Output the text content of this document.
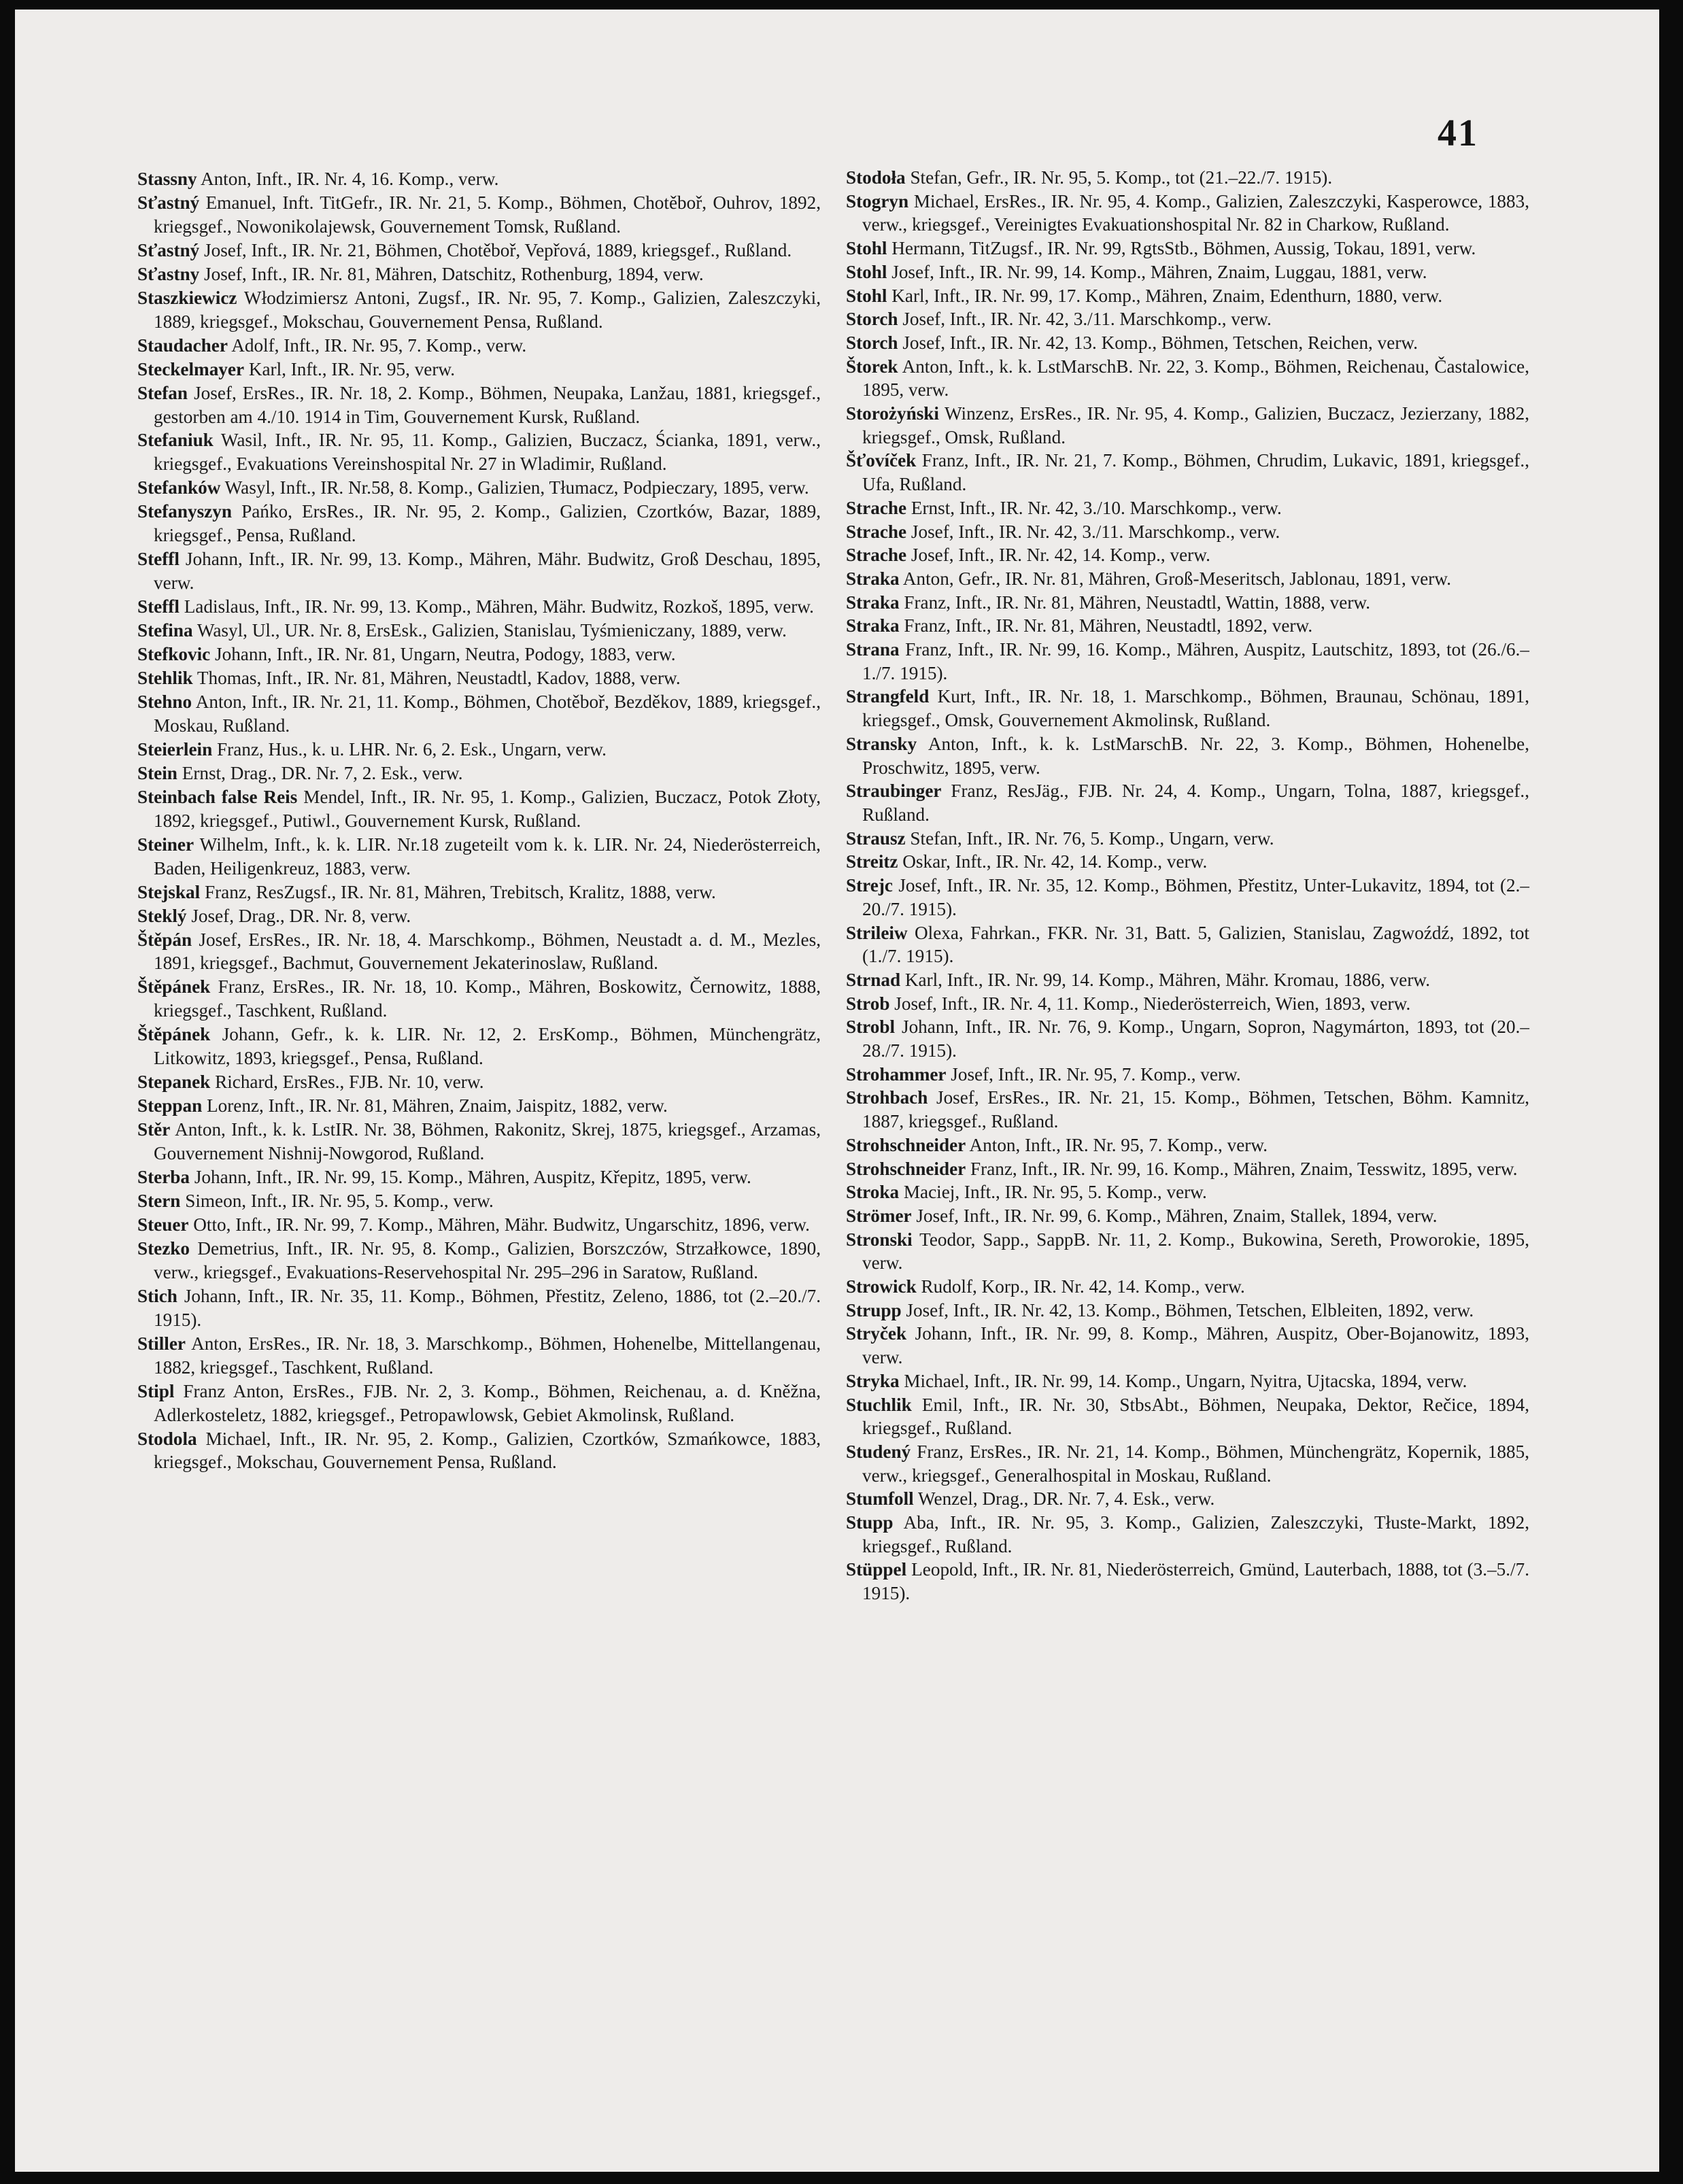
41
Stassny Anton, Inft., IR. Nr. 4, 16. Komp., verw.
Sťastný Emanuel, Inft. TitGefr., IR. Nr. 21, 5. Komp., Böhmen, Chotěboř, Ouhrov, 1892, kriegsgef., Nowonikolajewsk, Gouvernement Tomsk, Rußland.
Sťastný Josef, Inft., IR. Nr. 21, Böhmen, Chotěboř, Vepřová, 1889, kriegsgef., Rußland.
Sťastny Josef, Inft., IR. Nr. 81, Mähren, Datschitz, Rothenburg, 1894, verw.
Staszkiewicz Włodzimiersz Antoni, Zugsf., IR. Nr. 95, 7. Komp., Galizien, Zaleszczyki, 1889, kriegsgef., Mokschau, Gouvernement Pensa, Rußland.
Staudacher Adolf, Inft., IR. Nr. 95, 7. Komp., verw.
Steckelmayer Karl, Inft., IR. Nr. 95, verw.
Stefan Josef, ErsRes., IR. Nr. 18, 2. Komp., Böhmen, Neupaka, Lanžau, 1881, kriegsgef., gestorben am 4./10. 1914 in Tim, Gouvernement Kursk, Rußland.
Stefaniuk Wasil, Inft., IR. Nr. 95, 11. Komp., Galizien, Buczacz, Ścianka, 1891, verw., kriegsgef., Evakuations Vereinshospital Nr. 27 in Wladimir, Rußland.
Stefanków Wasyl, Inft., IR. Nr.58, 8. Komp., Galizien, Tłumacz, Podpieczary, 1895, verw.
Stefanyszyn Pańko, ErsRes., IR. Nr. 95, 2. Komp., Galizien, Czortków, Bazar, 1889, kriegsgef., Pensa, Rußland.
Steffl Johann, Inft., IR. Nr. 99, 13. Komp., Mähren, Mähr. Budwitz, Groß Deschau, 1895, verw.
Steffl Ladislaus, Inft., IR. Nr. 99, 13. Komp., Mähren, Mähr. Budwitz, Rozkoš, 1895, verw.
Stefina Wasyl, Ul., UR. Nr. 8, ErsEsk., Galizien, Stanislau, Tyśmieniczany, 1889, verw.
Stefkovic Johann, Inft., IR. Nr. 81, Ungarn, Neutra, Podogy, 1883, verw.
Stehlik Thomas, Inft., IR. Nr. 81, Mähren, Neustadtl, Kadov, 1888, verw.
Stehno Anton, Inft., IR. Nr. 21, 11. Komp., Böhmen, Chotěboř, Bezděkov, 1889, kriegsgef., Moskau, Rußland.
Steierlein Franz, Hus., k. u. LHR. Nr. 6, 2. Esk., Ungarn, verw.
Stein Ernst, Drag., DR. Nr. 7, 2. Esk., verw.
Steinbach false Reis Mendel, Inft., IR. Nr. 95, 1. Komp., Galizien, Buczacz, Potok Złoty, 1892, kriegsgef., Putiwl., Gouvernement Kursk, Rußland.
Steiner Wilhelm, Inft., k. k. LIR. Nr.18 zugeteilt vom k. k. LIR. Nr. 24, Niederösterreich, Baden, Heiligenkreuz, 1883, verw.
Stejskal Franz, ResZugsf., IR. Nr. 81, Mähren, Trebitsch, Kralitz, 1888, verw.
Steklý Josef, Drag., DR. Nr. 8, verw.
Štěpán Josef, ErsRes., IR. Nr. 18, 4. Marschkomp., Böhmen, Neustadt a. d. M., Mezles, 1891, kriegsgef., Bachmut, Gouvernement Jekaterinoslaw, Rußland.
Štěpánek Franz, ErsRes., IR. Nr. 18, 10. Komp., Mähren, Boskowitz, Černowitz, 1888, kriegsgef., Taschkent, Rußland.
Štěpánek Johann, Gefr., k. k. LIR. Nr. 12, 2. ErsKomp., Böhmen, Münchengrätz, Litkowitz, 1893, kriegsgef., Pensa, Rußland.
Stepanek Richard, ErsRes., FJB. Nr. 10, verw.
Steppan Lorenz, Inft., IR. Nr. 81, Mähren, Znaim, Jaispitz, 1882, verw.
Stěr Anton, Inft., k. k. LstIR. Nr. 38, Böhmen, Rakonitz, Skrej, 1875, kriegsgef., Arzamas, Gouvernement Nishnij-Nowgorod, Rußland.
Sterba Johann, Inft., IR. Nr. 99, 15. Komp., Mähren, Auspitz, Křepitz, 1895, verw.
Stern Simeon, Inft., IR. Nr. 95, 5. Komp., verw.
Steuer Otto, Inft., IR. Nr. 99, 7. Komp., Mähren, Mähr. Budwitz, Ungarschitz, 1896, verw.
Stezko Demetrius, Inft., IR. Nr. 95, 8. Komp., Galizien, Borszczów, Strzałkowce, 1890, verw., kriegsgef., Evakuations-Reservehospital Nr. 295–296 in Saratow, Rußland.
Stich Johann, Inft., IR. Nr. 35, 11. Komp., Böhmen, Přestitz, Zeleno, 1886, tot (2.–20./7. 1915).
Stiller Anton, ErsRes., IR. Nr. 18, 3. Marschkomp., Böhmen, Hohenelbe, Mittellangenau, 1882, kriegsgef., Taschkent, Rußland.
Stipl Franz Anton, ErsRes., FJB. Nr. 2, 3. Komp., Böhmen, Reichenau, a. d. Kněžna, Adlerkosteletz, 1882, kriegsgef., Petropawlowsk, Gebiet Akmolinsk, Rußland.
Stodola Michael, Inft., IR. Nr. 95, 2. Komp., Galizien, Czortków, Szmańkowce, 1883, kriegsgef., Mokschau, Gouvernement Pensa, Rußland.
Stodoła Stefan, Gefr., IR. Nr. 95, 5. Komp., tot (21.–22./7. 1915).
Stogryn Michael, ErsRes., IR. Nr. 95, 4. Komp., Galizien, Zaleszczyki, Kasperowce, 1883, verw., kriegsgef., Vereinigtes Evakuationshospital Nr. 82 in Charkow, Rußland.
Stohl Hermann, TitZugsf., IR. Nr. 99, RgtsStb., Böhmen, Aussig, Tokau, 1891, verw.
Stohl Josef, Inft., IR. Nr. 99, 14. Komp., Mähren, Znaim, Luggau, 1881, verw.
Stohl Karl, Inft., IR. Nr. 99, 17. Komp., Mähren, Znaim, Edenthurn, 1880, verw.
Storch Josef, Inft., IR. Nr. 42, 3./11. Marschkomp., verw.
Storch Josef, Inft., IR. Nr. 42, 13. Komp., Böhmen, Tetschen, Reichen, verw.
Štorek Anton, Inft., k. k. LstMarschB. Nr. 22, 3. Komp., Böhmen, Reichenau, Častalowice, 1895, verw.
Storożyński Winzenz, ErsRes., IR. Nr. 95, 4. Komp., Galizien, Buczacz, Jezierzany, 1882, kriegsgef., Omsk, Rußland.
Šťovíček Franz, Inft., IR. Nr. 21, 7. Komp., Böhmen, Chrudim, Lukavic, 1891, kriegsgef., Ufa, Rußland.
Strache Ernst, Inft., IR. Nr. 42, 3./10. Marschkomp., verw.
Strache Josef, Inft., IR. Nr. 42, 3./11. Marschkomp., verw.
Strache Josef, Inft., IR. Nr. 42, 14. Komp., verw.
Straka Anton, Gefr., IR. Nr. 81, Mähren, Groß-Meseritsch, Jablonau, 1891, verw.
Straka Franz, Inft., IR. Nr. 81, Mähren, Neustadtl, Wattin, 1888, verw.
Straka Franz, Inft., IR. Nr. 81, Mähren, Neustadtl, 1892, verw.
Strana Franz, Inft., IR. Nr. 99, 16. Komp., Mähren, Auspitz, Lautschitz, 1893, tot (26./6.–1./7. 1915).
Strangfeld Kurt, Inft., IR. Nr. 18, 1. Marschkomp., Böhmen, Braunau, Schönau, 1891, kriegsgef., Omsk, Gouvernement Akmolinsk, Rußland.
Stransky Anton, Inft., k. k. LstMarschB. Nr. 22, 3. Komp., Böhmen, Hohenelbe, Proschwitz, 1895, verw.
Straubinger Franz, ResJäg., FJB. Nr. 24, 4. Komp., Ungarn, Tolna, 1887, kriegsgef., Rußland.
Strausz Stefan, Inft., IR. Nr. 76, 5. Komp., Ungarn, verw.
Streitz Oskar, Inft., IR. Nr. 42, 14. Komp., verw.
Strejc Josef, Inft., IR. Nr. 35, 12. Komp., Böhmen, Přestitz, Unter-Lukavitz, 1894, tot (2.–20./7. 1915).
Strileiw Olexa, Fahrkan., FKR. Nr. 31, Batt. 5, Galizien, Stanislau, Zagwoźdź, 1892, tot (1./7. 1915).
Strnad Karl, Inft., IR. Nr. 99, 14. Komp., Mähren, Mähr. Kromau, 1886, verw.
Strob Josef, Inft., IR. Nr. 4, 11. Komp., Niederösterreich, Wien, 1893, verw.
Strobl Johann, Inft., IR. Nr. 76, 9. Komp., Ungarn, Sopron, Nagymárton, 1893, tot (20.–28./7. 1915).
Strohammer Josef, Inft., IR. Nr. 95, 7. Komp., verw.
Strohbach Josef, ErsRes., IR. Nr. 21, 15. Komp., Böhmen, Tetschen, Böhm. Kamnitz, 1887, kriegsgef., Rußland.
Strohschneider Anton, Inft., IR. Nr. 95, 7. Komp., verw.
Strohschneider Franz, Inft., IR. Nr. 99, 16. Komp., Mähren, Znaim, Tesswitz, 1895, verw.
Stroka Maciej, Inft., IR. Nr. 95, 5. Komp., verw.
Strömer Josef, Inft., IR. Nr. 99, 6. Komp., Mähren, Znaim, Stallek, 1894, verw.
Stronski Teodor, Sapp., SappB. Nr. 11, 2. Komp., Bukowina, Sereth, Proworokie, 1895, verw.
Strowick Rudolf, Korp., IR. Nr. 42, 14. Komp., verw.
Strupp Josef, Inft., IR. Nr. 42, 13. Komp., Böhmen, Tetschen, Elbleiten, 1892, verw.
Stryček Johann, Inft., IR. Nr. 99, 8. Komp., Mähren, Auspitz, Ober-Bojanowitz, 1893, verw.
Stryka Michael, Inft., IR. Nr. 99, 14. Komp., Ungarn, Nyitra, Ujtacska, 1894, verw.
Stuchlik Emil, Inft., IR. Nr. 30, StbsAbt., Böhmen, Neupaka, Dektor, Rečice, 1894, kriegsgef., Rußland.
Studený Franz, ErsRes., IR. Nr. 21, 14. Komp., Böhmen, Münchengrätz, Kopernik, 1885, verw., kriegsgef., Generalhospital in Moskau, Rußland.
Stumfoll Wenzel, Drag., DR. Nr. 7, 4. Esk., verw.
Stupp Aba, Inft., IR. Nr. 95, 3. Komp., Galizien, Zaleszczyki, Tłuste-Markt, 1892, kriegsgef., Rußland.
Stüppel Leopold, Inft., IR. Nr. 81, Niederösterreich, Gmünd, Lauterbach, 1888, tot (3.–5./7. 1915).
